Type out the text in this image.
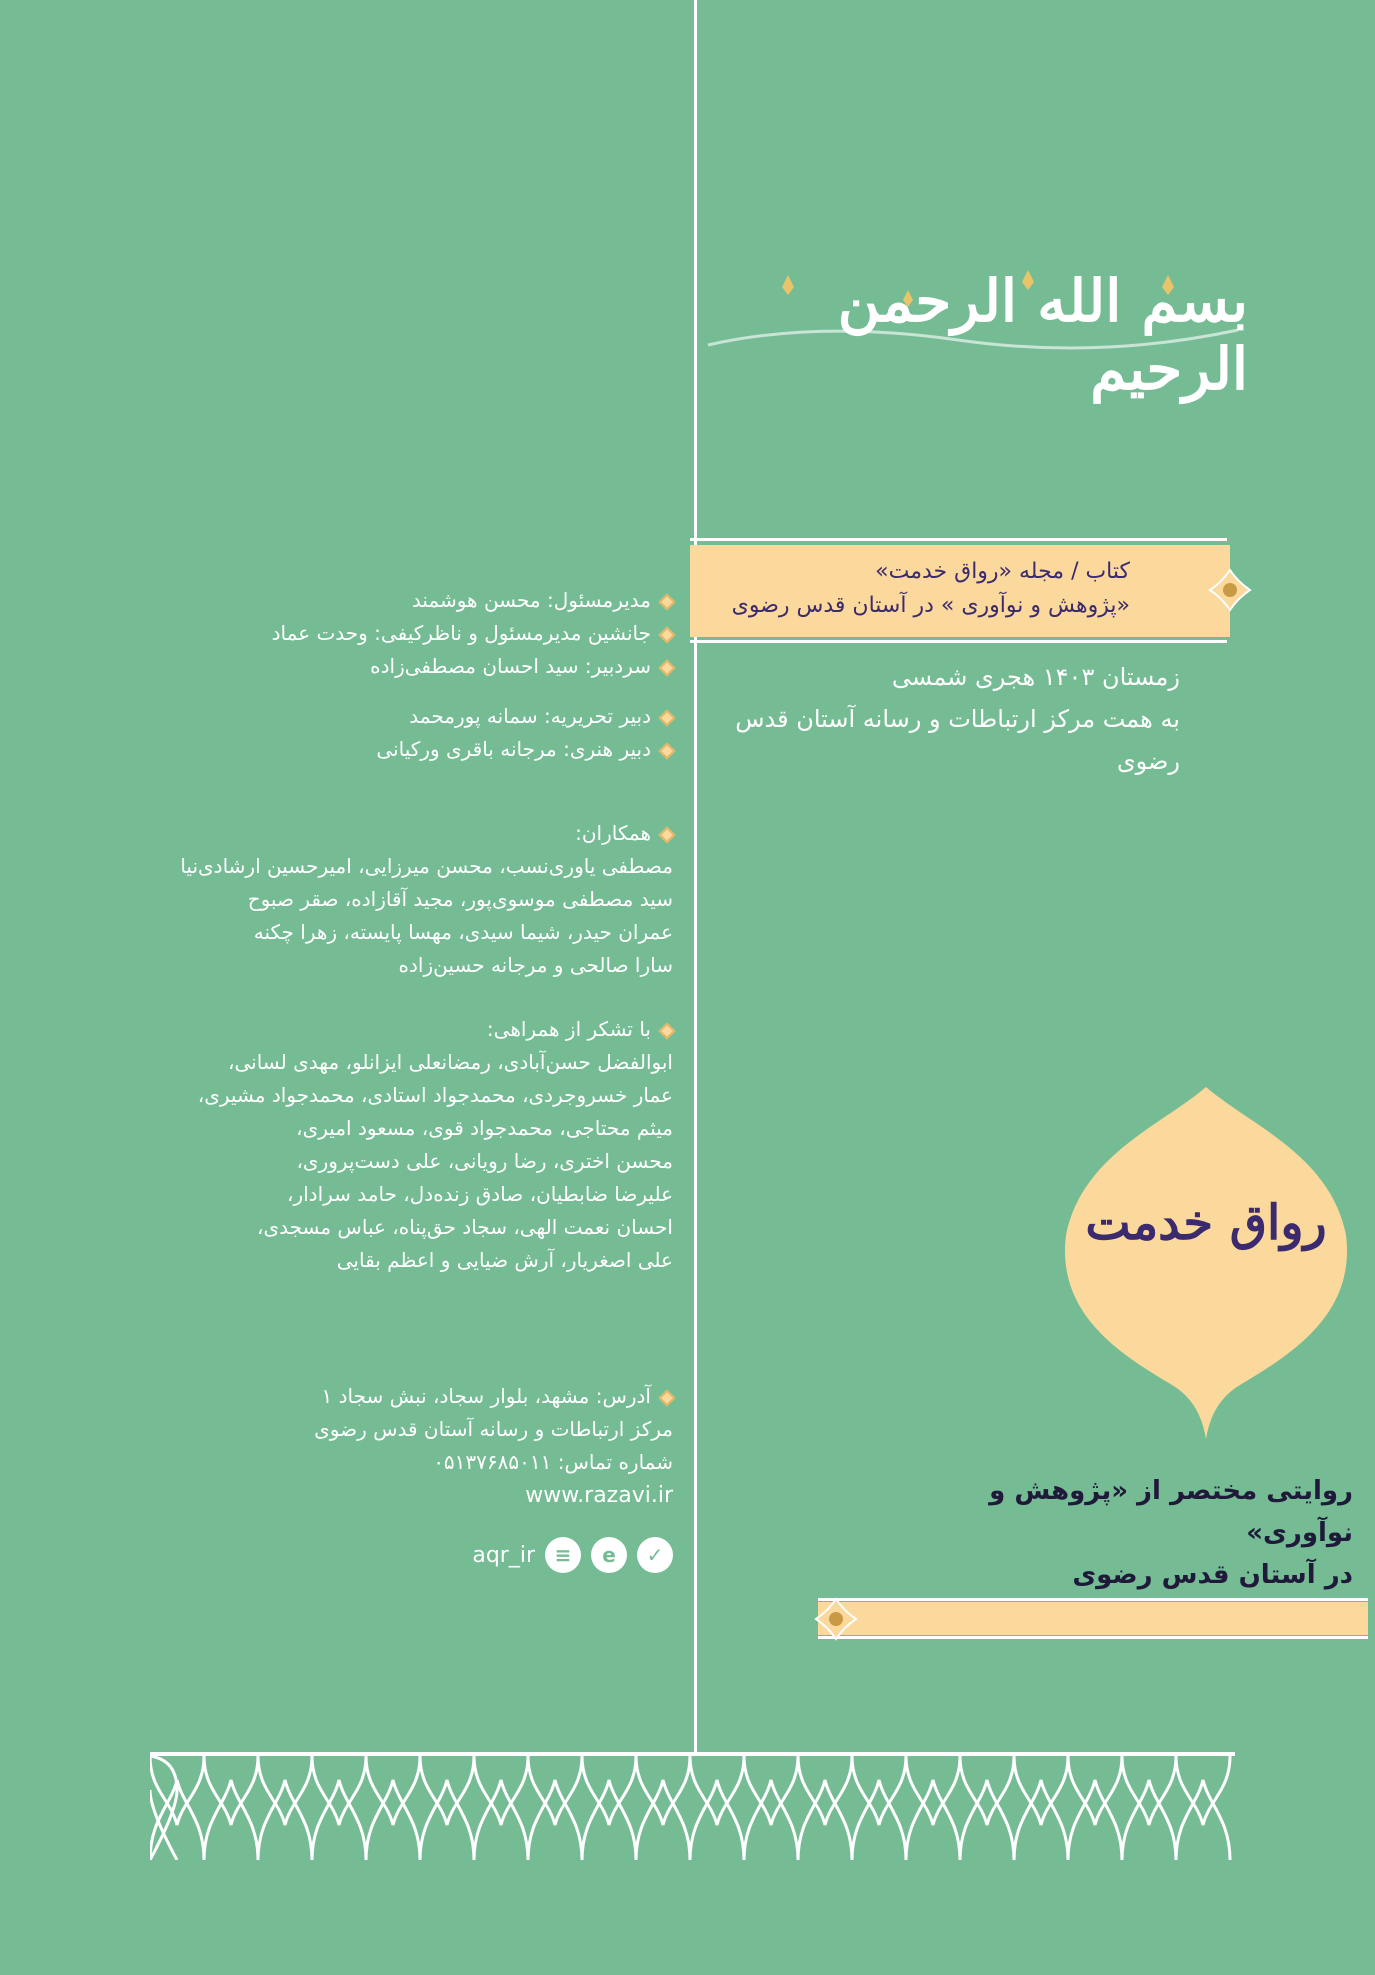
بسم الله الرحمن الرحیم
کتاب / مجله «رواق خدمت»
«پژوهش و نوآوری » در آستان قدس رضوی
زمستان ۱۴۰۳ هجری شمسی
به همت مرکز ارتباطات و رسانه آستان قدس رضوی
مدیرمسئول: محسن هوشمند
جانشین مدیرمسئول و ناظرکیفی: وحدت عماد
سردبیر: سید احسان مصطفی‌زاده
دبیر تحریریه: سمانه پورمحمد
دبیر هنری: مرجانه باقری ورکیانی
همکاران:
مصطفی یاوری‌نسب، محسن میرزایی، امیرحسین ارشادی‌نیا
سید مصطفی موسوی‌پور، مجید آقازاده، صقر صبوح
عمران حیدر، شیما سیدی، مهسا پایسته، زهرا چکنه
سارا صالحی و مرجانه حسین‌زاده
با تشکر از همراهی:
ابوالفضل حسن‌آبادی، رمضانعلی ایزانلو، مهدی لسانی،
عمار خسروجردی، محمدجواد استادی، محمدجواد مشیری،
میثم محتاجی، محمدجواد قوی، مسعود امیری،
محسن اختری، رضا رویانی، علی دست‌پروری،
علیرضا ضابطیان، صادق زنده‌دل، حامد سرادار،
احسان نعمت الهی، سجاد حق‌پناه، عباس مسجدی،
علی اصغریار، آرش ضیایی و اعظم بقایی
آدرس: مشهد، بلوار سجاد، نبش سجاد ۱
مرکز ارتباطات و رسانه آستان قدس رضوی
شماره تماس: ۰۵۱۳۷۶۸۵۰۱۱
www.razavi.ir
✓
e
≡
aqr_ir
رواق خدمت
روایتی مختصر از «پژوهش و نوآوری»
در آستان قدس رضوی
